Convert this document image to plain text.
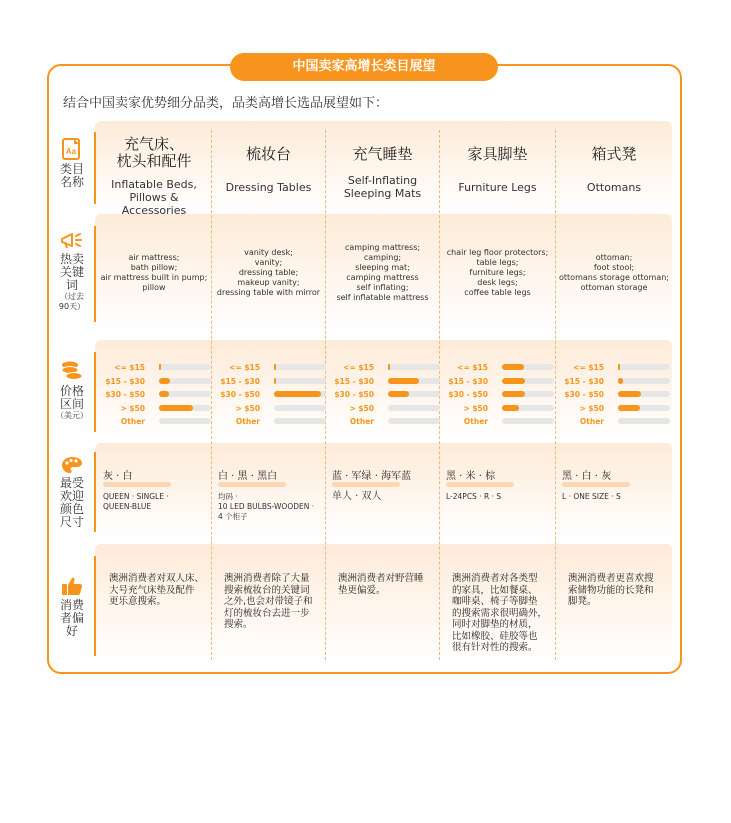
中国卖家高增长类目展望
结合中国卖家优势细分品类，品类高增长选品展望如下：
Aa
类目
名称
热卖
关键
词
（过去
90天）
价格
区间
（美元）
最受
欢迎
颜色
尺寸
消费
者偏
好
充气床、
枕头和配件
Inflatable Beds,
Pillows & Accessories
air mattress;
bath pillow;
air mattress built in pump;
pillow
<= $15
$15 - $30
$30 - $50
> $50
Other
灰 · 白
QUEEN · SINGLE ·
QUEEN-BLUE
澳洲消费者对双人床、
大号充气床垫及配件
更乐意搜索。
梳妆台
Dressing Tables
vanity desk;
vanity;
dressing table;
makeup vanity;
dressing table with mirror
<= $15
$15 - $30
$30 - $50
> $50
Other
白 · 黑 · 黑白
均码 ·
10 LED BULBS-WOODEN ·
4 个柜子
澳洲消费者除了大量
搜索梳妆台的关键词
之外,也会对带镜子和
灯的梳妆台去进一步
搜索。
充气睡垫
Self-Inflating
Sleeping Mats
camping mattress;
camping;
sleeping mat;
camping mattress
self inflating;
self inflatable mattress
<= $15
$15 - $30
$30 - $50
> $50
Other
蓝 · 军绿 · 海军蓝
单人 · 双人
澳洲消费者对野营睡
垫更偏爱。
家具脚垫
Furniture Legs
chair leg floor protectors;
table legs;
furniture legs;
desk legs;
coffee table legs
<= $15
$15 - $30
$30 - $50
> $50
Other
黑 · 米 · 棕
L-24PCS · R · S
澳洲消费者对各类型
的家具，比如餐桌、
咖啡桌、椅子等脚垫
的搜索需求很明确外，
同时对脚垫的材质，
比如橡胶、硅胶等也
很有针对性的搜索。
箱式凳
Ottomans
ottoman;
foot stool;
ottomans storage ottoman;
ottoman storage
<= $15
$15 - $30
$30 - $50
> $50
Other
黑 · 白 · 灰
L · ONE SIZE · S
澳洲消费者更喜欢搜
索储物功能的长凳和
脚凳。
